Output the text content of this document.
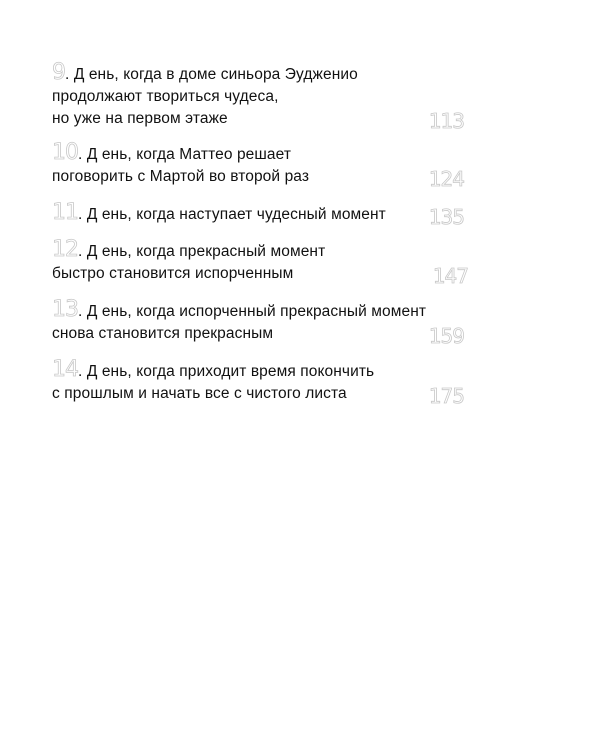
9. Д ень, когда в доме синьора Эудженио
продолжают твориться чудеса,
но уже на первом этаже	113
10. Д ень, когда Маттео решает
поговорить с Мартой во второй раз	124
11. Д ень, когда наступает чудесный момент	135
12. Д ень, когда прекрасный момент
быстро становится испорченным	147
13. Д ень, когда испорченный прекрасный момент
снова становится прекрасным	159
14. Д ень, когда приходит время покончить
с прошлым и начать все с чистого листа	175
